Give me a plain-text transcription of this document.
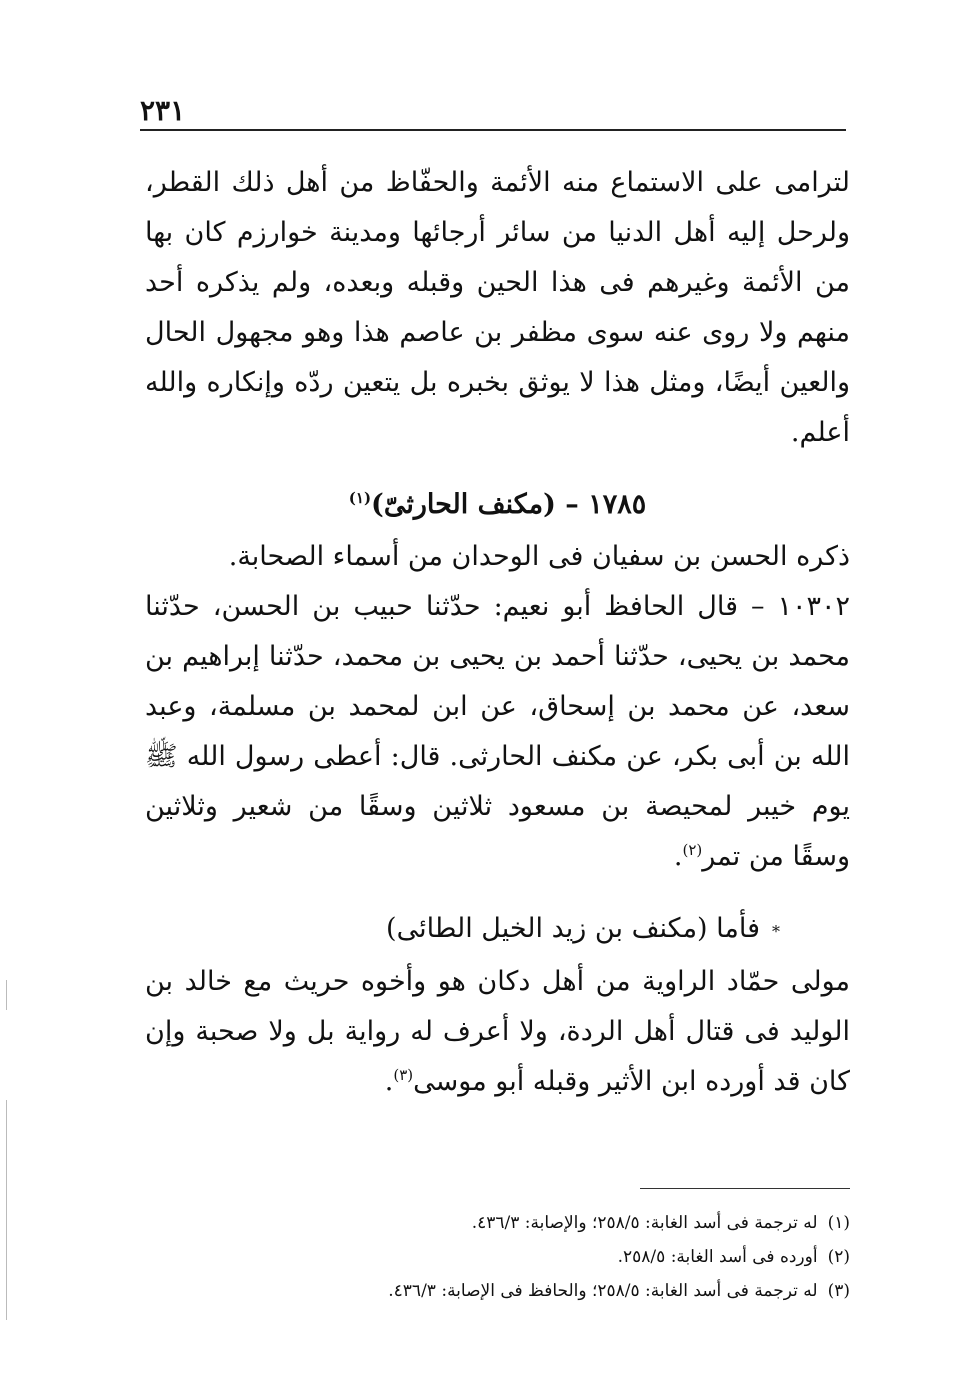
٢٣١

لترامى على الاستماع منه الأئمة والحفّاظ من أهل ذلك القطر، ولرحل إليه أهل الدنيا من سائر أرجائها ومدينة خوارزم كان بها من الأئمة وغيرهم فى هذا الحين وقبله وبعده، ولم يذكره أحد منهم ولا روى عنه سوى مظفر بن عاصم هذا وهو مجهول الحال والعين أيضًا، ومثل هذا لا يوثق بخبره بل يتعين ردّه وإنكاره والله أعلم.

١٧٨٥ – (مكنف الحارثىّ)$^{(١)}$

ذكره الحسن بن سفيان فى الوحدان من أسماء الصحابة.

١٠٣٠٢ – قال الحافظ أبو نعيم: حدّثنا حبيب بن الحسن، حدّثنا محمد بن يحيى، حدّثنا أحمد بن يحيى بن محمد، حدّثنا إبراهيم بن سعد، عن محمد بن إسحاق، عن ابن لمحمد بن مسلمة، وعبد الله بن أبى بكر، عن مكنف الحارثى. قال: أعطى رسول الله ﷺ يوم خيبر لمحيصة بن مسعود ثلاثين وسقًا من شعير وثلاثين وسقًا من تمر$^{(٢)}$.

*فأما (مكنف بن زيد الخيل الطائى)

مولى حمّاد الراوية من أهل دكان هو وأخوه حريث مع خالد بن الوليد فى قتال أهل الردة، ولا أعرف له رواية بل ولا صحبة وإن كان قد أورده ابن الأثير وقبله أبو موسى$^{(٣)}$.

(١)له ترجمة فى أسد الغابة: ٢٥٨/٥؛ والإصابة: ٤٣٦/٣.

(٢)أورده فى أسد الغابة: ٢٥٨/٥.

(٣)له ترجمة فى أسد الغابة: ٢٥٨/٥؛ والحافظ فى الإصابة: ٤٣٦/٣.
